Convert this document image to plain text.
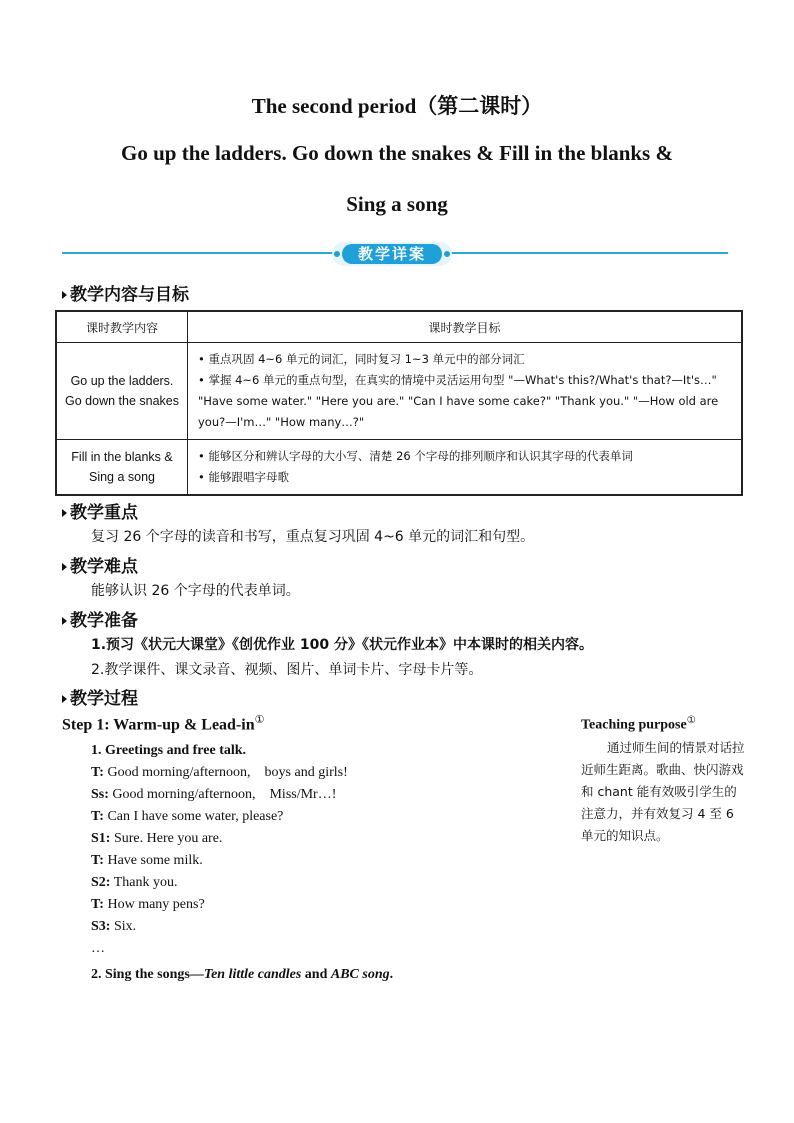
The second period（第二课时）
Go up the ladders. Go down the snakes & Fill in the blanks &
Sing a song
教学详案
教学内容与目标
课时教学内容	课时教学目标
Go up the ladders. Go down the snakes	• 重点巩固 4~6 单元的词汇，同时复习 1~3 单元中的部分词汇
• 掌握 4~6 单元的重点句型，在真实的情境中灵活运用句型 "—What's this?/What's that?—It's…" "Have some water." "Here you are." "Can I have some cake?" "Thank you." "—How old are you?—I'm…" "How many…?"

Fill in the blanks & Sing a song	• 能够区分和辨认字母的大小写、清楚 26 个字母的排列顺序和认识其字母的代表单词
• 能够跟唱字母歌
教学重点
复习 26 个字母的读音和书写，重点复习巩固 4~6 单元的词汇和句型。
教学难点
能够认识 26 个字母的代表单词。
教学准备
1.预习《状元大课堂》《创优作业 100 分》《状元作业本》中本课时的相关内容。
2.教学课件、课文录音、视频、图片、单词卡片、字母卡片等。
教学过程
Step 1: Warm-up & Lead-in①
1. Greetings and free talk.
T: Good morning/afternoon,　boys and girls!
Ss: Good morning/afternoon,　Miss/Mr…!
T: Can I have some water, please?
S1: Sure. Here you are.
T: Have some milk.
S2: Thank you.
T: How many pens?
S3: Six.
…
2. Sing the songs—Ten little candles and ABC song.
Teaching purpose①
通过师生间的情景对话拉近师生距离。歌曲、快闪游戏和 chant 能有效吸引学生的注意力，并有效复习 4 至 6 单元的知识点。
